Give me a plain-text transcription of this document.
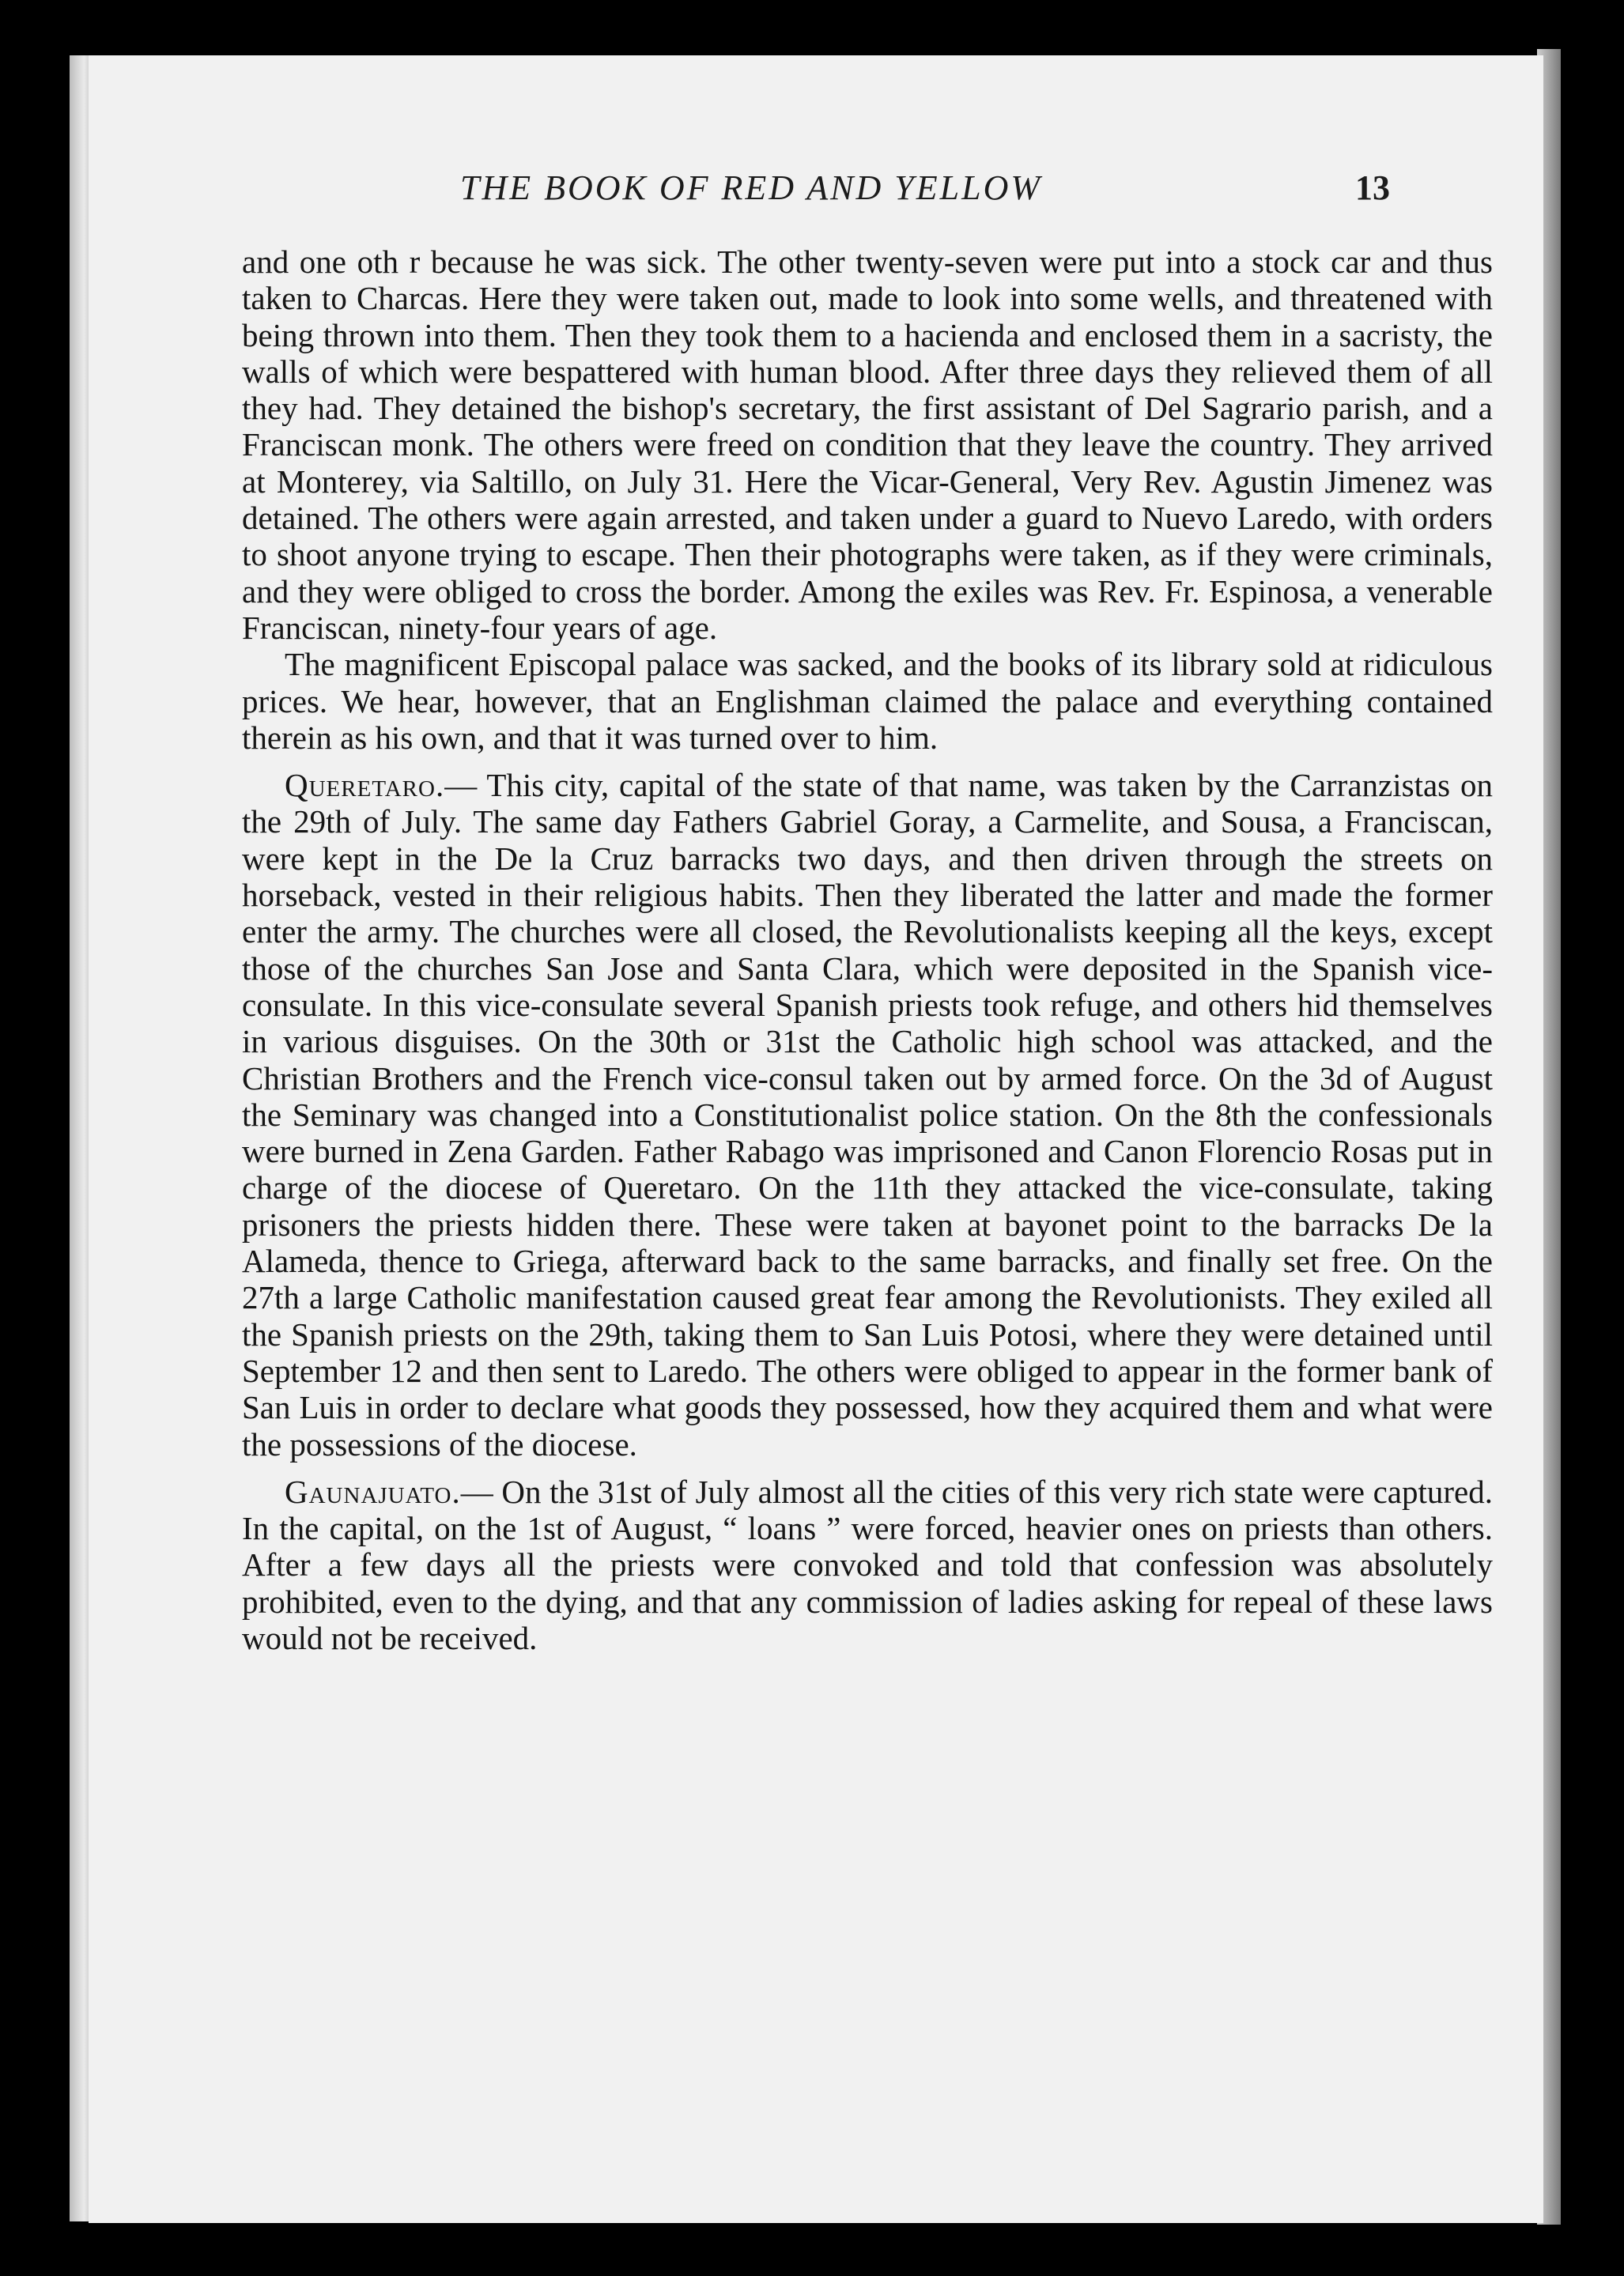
THE BOOK OF RED AND YELLOW	13

and one oth r because he was sick. The other twenty-seven were put into a stock car and thus taken to Charcas. Here they were taken out, made to look into some wells, and threatened with being thrown into them. Then they took them to a hacienda and enclosed them in a sacristy, the walls of which were bespattered with human blood. After three days they relieved them of all they had. They detained the bishop's secretary, the first assistant of Del Sagrario parish, and a Franciscan monk. The others were freed on condition that they leave the country. They arrived at Monterey, via Saltillo, on July 31. Here the Vicar-General, Very Rev. Agustin Jimenez was detained. The others were again arrested, and taken under a guard to Nuevo Laredo, with orders to shoot anyone trying to escape. Then their photographs were taken, as if they were criminals, and they were obliged to cross the border. Among the exiles was Rev. Fr. Espinosa, a venerable Franciscan, ninety-four years of age.

The magnificent Episcopal palace was sacked, and the books of its library sold at ridiculous prices. We hear, however, that an Englishman claimed the palace and everything contained therein as his own, and that it was turned over to him.

Queretaro.— This city, capital of the state of that name, was taken by the Carranzistas on the 29th of July. The same day Fathers Gabriel Goray, a Carmelite, and Sousa, a Franciscan, were kept in the De la Cruz barracks two days, and then driven through the streets on horseback, vested in their religious habits. Then they liberated the latter and made the former enter the army. The churches were all closed, the Revolutionalists keeping all the keys, except those of the churches San Jose and Santa Clara, which were deposited in the Spanish vice-consulate. In this vice-consulate several Spanish priests took refuge, and others hid themselves in various disguises. On the 30th or 31st the Catholic high school was attacked, and the Christian Brothers and the French vice-consul taken out by armed force. On the 3d of August the Seminary was changed into a Constitutionalist police station. On the 8th the confessionals were burned in Zena Garden. Father Rabago was imprisoned and Canon Florencio Rosas put in charge of the diocese of Queretaro. On the 11th they attacked the vice-consulate, taking prisoners the priests hidden there. These were taken at bayonet point to the barracks De la Alameda, thence to Griega, afterward back to the same barracks, and finally set free. On the 27th a large Catholic manifestation caused great fear among the Revolutionists. They exiled all the Spanish priests on the 29th, taking them to San Luis Potosi, where they were detained until September 12 and then sent to Laredo. The others were obliged to appear in the former bank of San Luis in order to declare what goods they possessed, how they acquired them and what were the possessions of the diocese.

Gaunajuato.— On the 31st of July almost all the cities of this very rich state were captured. In the capital, on the 1st of August, “ loans ” were forced, heavier ones on priests than others. After a few days all the priests were convoked and told that confession was absolutely prohibited, even to the dying, and that any commission of ladies asking for repeal of these laws would not be received.
